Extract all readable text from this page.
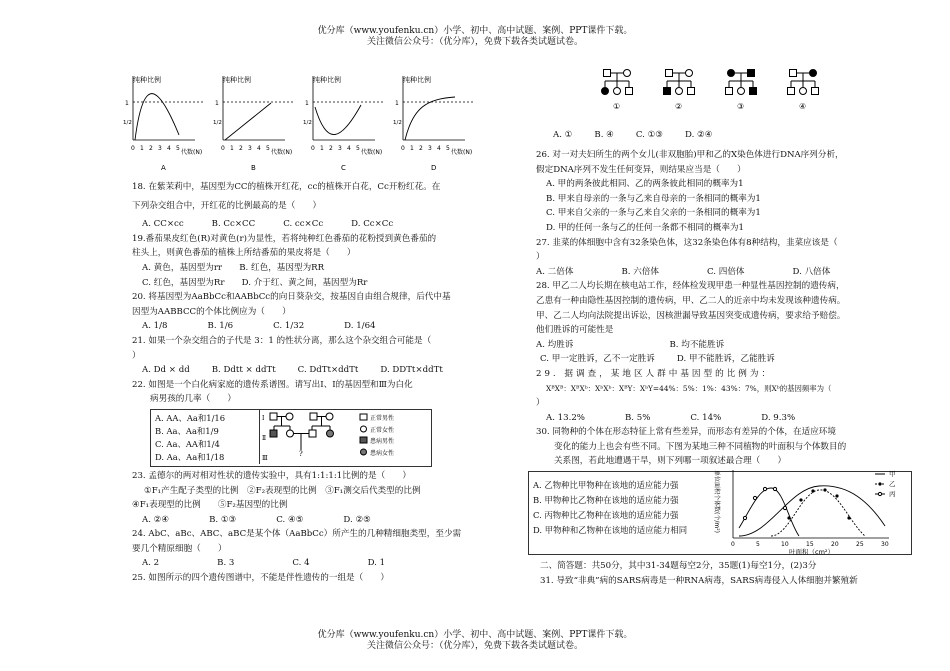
优分库（www.youfenku.cn）小学、初中、高中试题、案例、PPT课件下载。
关注微信公众号：（优分库），免费下载各类试题试卷。
纯种比例
1
1/2
0 1 2 3 4 5
代数(N)
A
纯种比例
1
1/2
0 1 2 3 4 5
代数(N)
B
纯种比例
1
1/2
0 1 2 3 4 5
代数(N)
C
纯种比例
1
1/2
0 1 2 3 4 5
代数(N)
D
①	②	③	④
A. ①	B. ④	C. ①③	D. ②④

18. 在紫茉莉中，基因型为CC的植株开红花，cc的植株开白花，Cc开粉红花。在

下列杂交组合中，开红花的比例最高的是（　　）

A. CC×cc	B. Cc×CC	C. cc×Cc	D. Cc×Cc

19.番茄果皮红色(R)对黄色(r)为显性，若将纯种红色番茄的花粉授到黄色番茄的

柱头上，则黄色番茄的植株上所结番茄的果皮将是（　　）

A. 黄色，基因型为rr　　B. 红色，基因型为RR

C. 红色，基因型为Rr　　D. 介于红、黄之间，基因型为Rr

20. 将基因型为AaBbCc和AABbCc的向日葵杂交，按基因自由组合规律，后代中基

因型为AABBCC的个体比例应为（　　）

A. 1/8	B. 1/6	C. 1/32	D. 1/64

21. 如果一个杂交组合的子代是 3：1 的性状分离，那么这个杂交组合可能是（

）

A. Dd × dd	B. Ddtt × ddTt	C. DdTt×ddTt	D. DDTt×ddTt

22. 如图是一个白化病家庭的遗传系谱图。请写出Ⅰ、Ⅰ的基因型和Ⅲ为白化

病男孩的几率（　　）

A. AA、Aa和1/16
B. Aa、Aa和1/9
C. Aa、AA和1/4
D. Aa、Aa和1/18
Ⅰ
Ⅱ
Ⅲ
?
正常男性
正常女性
患病男性
患病女性

23. 孟德尔的两对相对性状的遗传实验中，具有1:1:1:1比例的是（　　）

①F₁产生配子类型的比例　②F₂表现型的比例　③F₁测交后代类型的比例

④F₁表现型的比例　　⑤F₂基因型的比例

A. ②④	B. ①③	C. ④⑤	D. ②⑤

24. AbC、aBc、ABC、aBC是某个体（AaBbCc）所产生的几种精细胞类型，至少需

要几个精原细胞（　　）

A. 2	B. 3	C. 4	D. 1

25. 如图所示的四个遗传图谱中，不能是伴性遗传的一组是（　　）

26. 对一对夫妇所生的两个女儿(非双胞胎)甲和乙的X染色体进行DNA序列分析，

假定DNA序列不发生任何变异，则结果应当是（　　）

A. 甲的两条彼此相同、乙的两条彼此相同的概率为1

B. 甲来自母亲的一条与乙来自母亲的一条相同的概率为1

C. 甲来自父亲的一条与乙来自父亲的一条相同的概率为1

D. 甲的任何一条与乙的任何一条都不相同的概率为1

27. 韭菜的体细胞中含有32条染色体，这32条染色体有8种结构，韭菜应该是（

）

A. 二倍体	B. 六倍体	C. 四倍体	D. 八倍体

28. 甲乙二人均长期在核电站工作，经体检发现甲患一种显性基因控制的遗传病，

乙患有一种由隐性基因控制的遗传病，甲、乙二人的近亲中均未发现该种遗传病。

甲、乙二人均向法院提出诉讼，因核泄漏导致基因突变成遗传病，要求给予赔偿。

他们胜诉的可能性是

A. 均胜诉	B. 均不能胜诉
C. 甲一定胜诉，乙不一定胜诉	D. 甲不能胜诉，乙能胜诉

29. 据调查，某地区人群中基因型的比例为：

XᴮXᴮ：XᴮXᵇ：XᵇXᵇ：XᴮY：XᵇY=44%：5%：1%：43%：7%，则Xᵇ的基因频率为（

）

A. 13.2%	B. 5%	C. 14%	D. 9.3%

30. 同物种的个体在形态特征上常有些差异，而形态有差异的个体，在适应环境

变化的能力上也会有些不同。下图为某地三种不同植物的叶面积与个体数目的

关系图，若此地遭遇干旱，则下列哪一项叙述最合理（　　）

A. 乙物种比甲物种在该地的适应能力强
B. 甲物种比乙物种在该地的适应能力强
C. 丙物种比乙物种在该地的适应能力强
D. 甲物种和乙物种在该地的适应能力相同	单位面积个体数(个/m²)
0	5	10	15	20	25	30
叶面积（cm²）
甲
乙
丙

二、简答题：共50分，其中31-34题每空2分，35题(1)每空1分，(2)3分

31. 导致“非典”病的SARS病毒是一种RNA病毒，SARS病毒侵入人体细胞并繁殖新

优分库（www.youfenku.cn）小学、初中、高中试题、案例、PPT课件下载。
关注微信公众号：（优分库），免费下载各类试题试卷。
